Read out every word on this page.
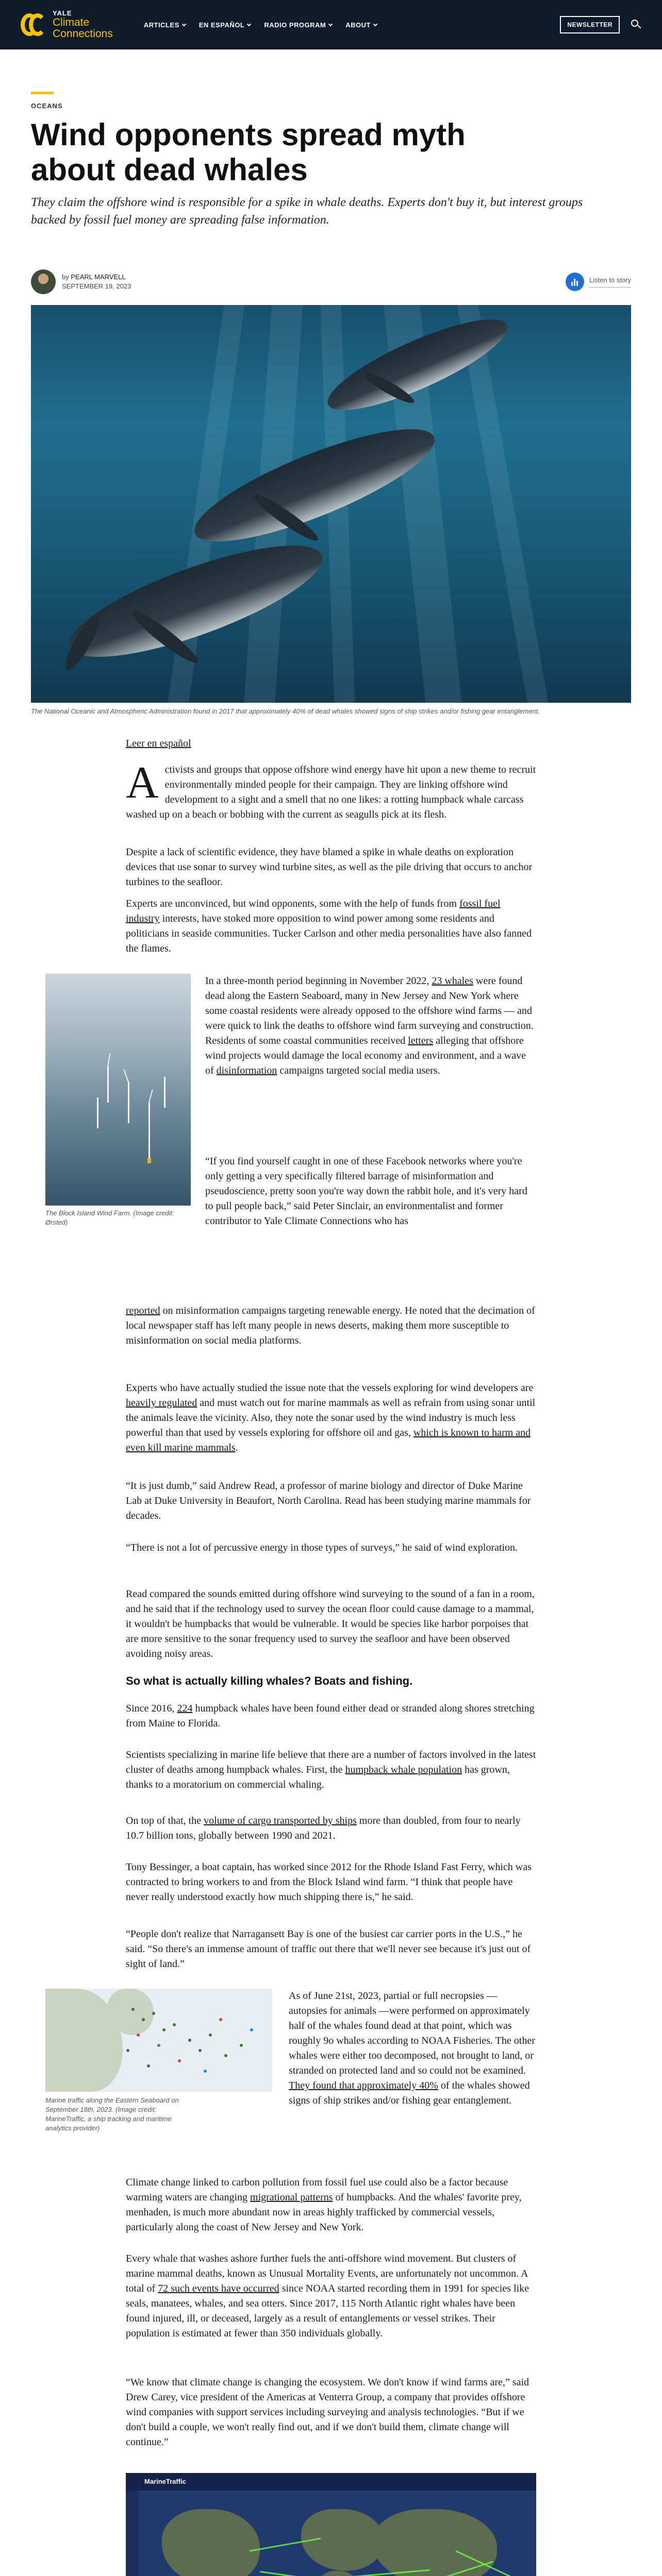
YALE
Climate
Connections
ARTICLES	EN ESPAÑOL	RADIO PROGRAM	ABOUT	NEWSLETTER
OCEANS
Wind opponents spread myth about dead whales

They claim the offshore wind is responsible for a spike in whale deaths. Experts don't buy it, but interest groups backed by fossil fuel money are spreading false information.

by PEARL MARVELL
SEPTEMBER 19, 2023
Listen to story

The National Oceanic and Atmospheric Administration found in 2017 that approximately 40% of dead whales showed signs of ship strikes and/or fishing gear entanglement.

Leer en español
Activists and groups that oppose offshore wind energy have hit upon a new theme to recruit environmentally minded people for their campaign. They are linking offshore wind development to a sight and a smell that no one likes: a rotting humpback whale carcass washed up on a beach or bobbing with the current as seagulls pick at its flesh.
Despite a lack of scientific evidence, they have blamed a spike in whale deaths on exploration devices that use sonar to survey wind turbine sites, as well as the pile driving that occurs to anchor turbines to the seafloor.
Experts are unconvinced, but wind opponents, some with the help of funds from fossil fuel industry interests, have stoked more opposition to wind power among some residents and politicians in seaside communities. Tucker Carlson and other media personalities have also fanned the flames.

The Block Island Wind Farm. (Image credit: Ørsted)

In a three-month period beginning in November 2022, 23 whales were found dead along the Eastern Seaboard, many in New Jersey and New York where some coastal residents were already opposed to the offshore wind farms — and were quick to link the deaths to offshore wind farm surveying and construction. Residents of some coastal communities received letters alleging that offshore wind projects would damage the local economy and environment, and a wave of disinformation campaigns targeted social media users.
“If you find yourself caught in one of these Facebook networks where you're only getting a very specifically filtered barrage of misinformation and pseudoscience, pretty soon you're way down the rabbit hole, and it's very hard to pull people back,” said Peter Sinclair, an environmentalist and former contributor to Yale Climate Connections who has
reported on misinformation campaigns targeting renewable energy. He noted that the decimation of local newspaper staff has left many people in news deserts, making them more susceptible to misinformation on social media platforms.
Experts who have actually studied the issue note that the vessels exploring for wind developers are heavily regulated and must watch out for marine mammals as well as refrain from using sonar until the animals leave the vicinity. Also, they note the sonar used by the wind industry is much less powerful than that used by vessels exploring for offshore oil and gas, which is known to harm and even kill marine mammals.
“It is just dumb,” said Andrew Read, a professor of marine biology and director of Duke Marine Lab at Duke University in Beaufort, North Carolina. Read has been studying marine mammals for decades.
“There is not a lot of percussive energy in those types of surveys,” he said of wind exploration.
Read compared the sounds emitted during offshore wind surveying to the sound of a fan in a room, and he said that if the technology used to survey the ocean floor could cause damage to a mammal, it wouldn't be humpbacks that would be vulnerable. It would be species like harbor porpoises that are more sensitive to the sonar frequency used to survey the seafloor and have been observed avoiding noisy areas.
So what is actually killing whales? Boats and fishing.
Since 2016, 224 humpback whales have been found either dead or stranded along shores stretching from Maine to Florida.
Scientists specializing in marine life believe that there are a number of factors involved in the latest cluster of deaths among humpback whales. First, the humpback whale population has grown, thanks to a moratorium on commercial whaling.
On top of that, the volume of cargo transported by ships more than doubled, from four to nearly 10.7 billion tons, globally between 1990 and 2021.
Tony Bessinger, a boat captain, has worked since 2012 for the Rhode Island Fast Ferry, which was contracted to bring workers to and from the Block Island wind farm. “I think that people have never really understood exactly how much shipping there is,” he said.
“People don't realize that Narragansett Bay is one of the busiest car carrier ports in the U.S.,” he said. “So there's an immense amount of traffic out there that we'll never see because it's just out of sight of land.”

Marine traffic along the Eastern Seaboard on September 18th, 2023. (Image credit: MarineTraffic, a ship tracking and maritime analytics provider)

As of June 21st, 2023, partial or full necropsies — autopsies for animals —were performed on approximately half of the whales found dead at that point, which was roughly 9o whales according to NOAA Fisheries. The other whales were either too decomposed, not brought to land, or stranded on protected land and so could not be examined. They found that approximately 40% of the whales showed signs of ship strikes and/or fishing gear entanglement.
Climate change linked to carbon pollution from fossil fuel use could also be a factor because warming waters are changing migrational patterns of humpbacks. And the whales' favorite prey, menhaden, is much more abundant now in areas highly trafficked by commercial vessels, particularly along the coast of New Jersey and New York.
Every whale that washes ashore further fuels the anti-offshore wind movement. But clusters of marine mammal deaths, known as Unusual Mortality Events, are unfortunately not uncommon. A total of 72 such events have occurred since NOAA started recording them in 1991 for species like seals, manatees, whales, and sea otters. Since 2017, 115 North Atlantic right whales have been found injured, ill, or deceased, largely as a result of entanglements or vessel strikes. Their population is estimated at fewer than 350 individuals globally.
“We know that climate change is changing the ecosystem. We don't know if wind farms are,” said Drew Carey, vice president of the Americas at Venterra Group, a company that provides offshore wind companies with support services including surveying and analysis technologies. “But if we don't build a couple, we won't really find out, and if we don't build them, climate change will continue.”
MarineTraffic
